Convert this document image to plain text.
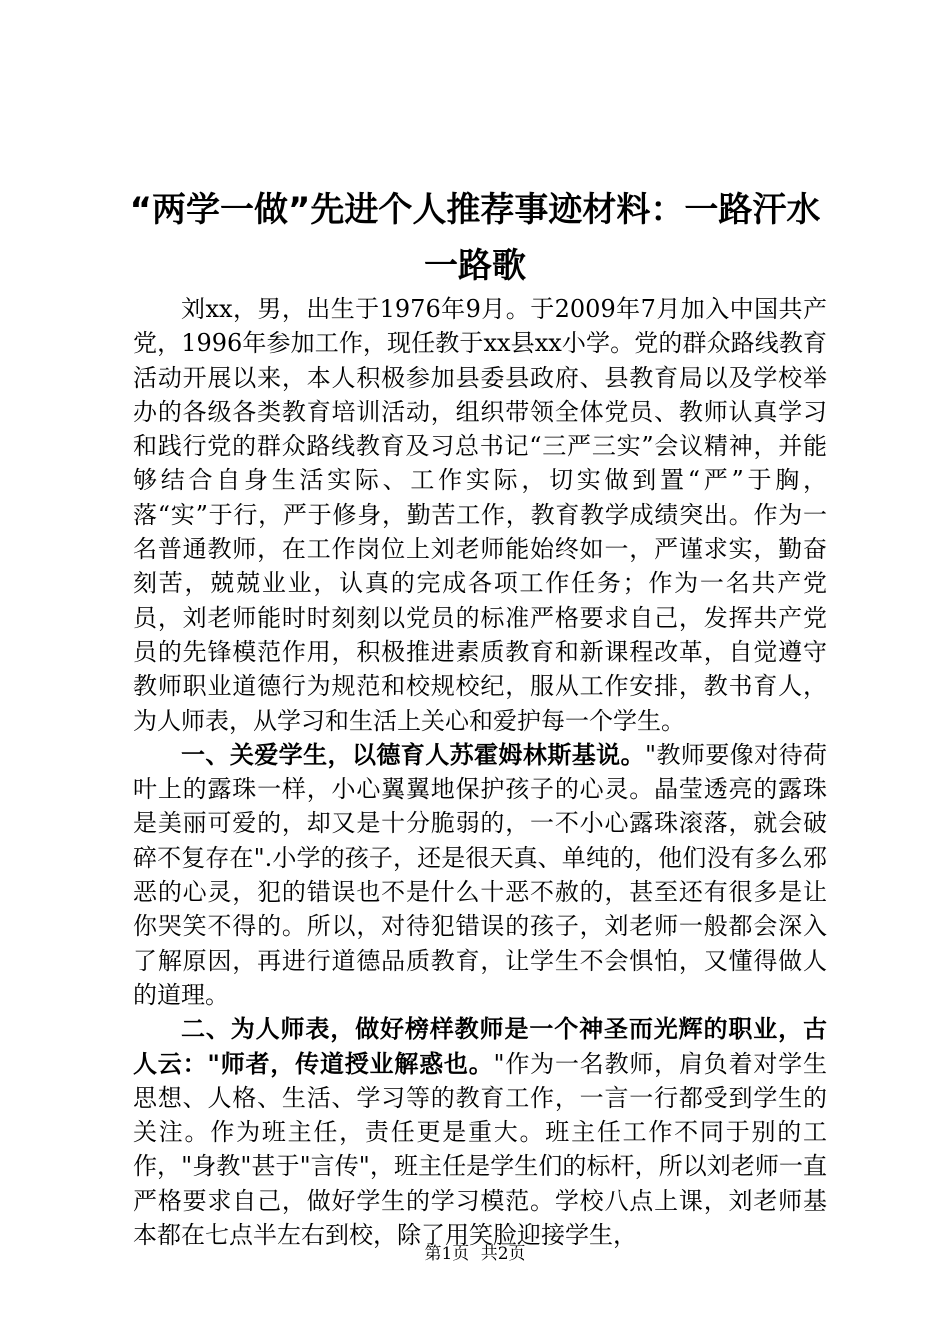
“两学一做”先进个人推荐事迹材料：一路汗水一路歌

刘xx，男，出生于1976年9月。于2009年7月加入中国共产党，1996年参加工作，现任教于xx县xx小学。党的群众路线教育活动开展以来，本人积极参加县委县政府、县教育局以及学校举办的各级各类教育培训活动，组织带领全体党员、教师认真学习和践行党的群众路线教育及习总书记“三严三实”会议精神，并能够结合自身生活实际、工作实际，切实做到置“严”于胸，落“实”于行，严于修身，勤苦工作，教育教学成绩突出。作为一名普通教师，在工作岗位上刘老师能始终如一，严谨求实，勤奋刻苦，兢兢业业，认真的完成各项工作任务；作为一名共产党员，刘老师能时时刻刻以党员的标准严格要求自己，发挥共产党员的先锋模范作用，积极推进素质教育和新课程改革，自觉遵守教师职业道德行为规范和校规校纪，服从工作安排，教书育人，为人师表，从学习和生活上关心和爱护每一个学生。

一、关爱学生，以德育人苏霍姆林斯基说。"教师要像对待荷叶上的露珠一样，小心翼翼地保护孩子的心灵。晶莹透亮的露珠是美丽可爱的，却又是十分脆弱的，一不小心露珠滚落，就会破碎不复存在".小学的孩子，还是很天真、单纯的，他们没有多么邪恶的心灵，犯的错误也不是什么十恶不赦的，甚至还有很多是让你哭笑不得的。所以，对待犯错误的孩子，刘老师一般都会深入了解原因，再进行道德品质教育，让学生不会惧怕，又懂得做人的道理。

二、为人师表，做好榜样教师是一个神圣而光辉的职业，古人云："师者，传道授业解惑也。"作为一名教师，肩负着对学生思想、人格、生活、学习等的教育工作，一言一行都受到学生的关注。作为班主任，责任更是重大。班主任工作不同于别的工作，"身教"甚于"言传"，班主任是学生们的标杆，所以刘老师一直严格要求自己，做好学生的学习模范。学校八点上课，刘老师基本都在七点半左右到校，除了用笑脸迎接学生，

第1页 共2页
